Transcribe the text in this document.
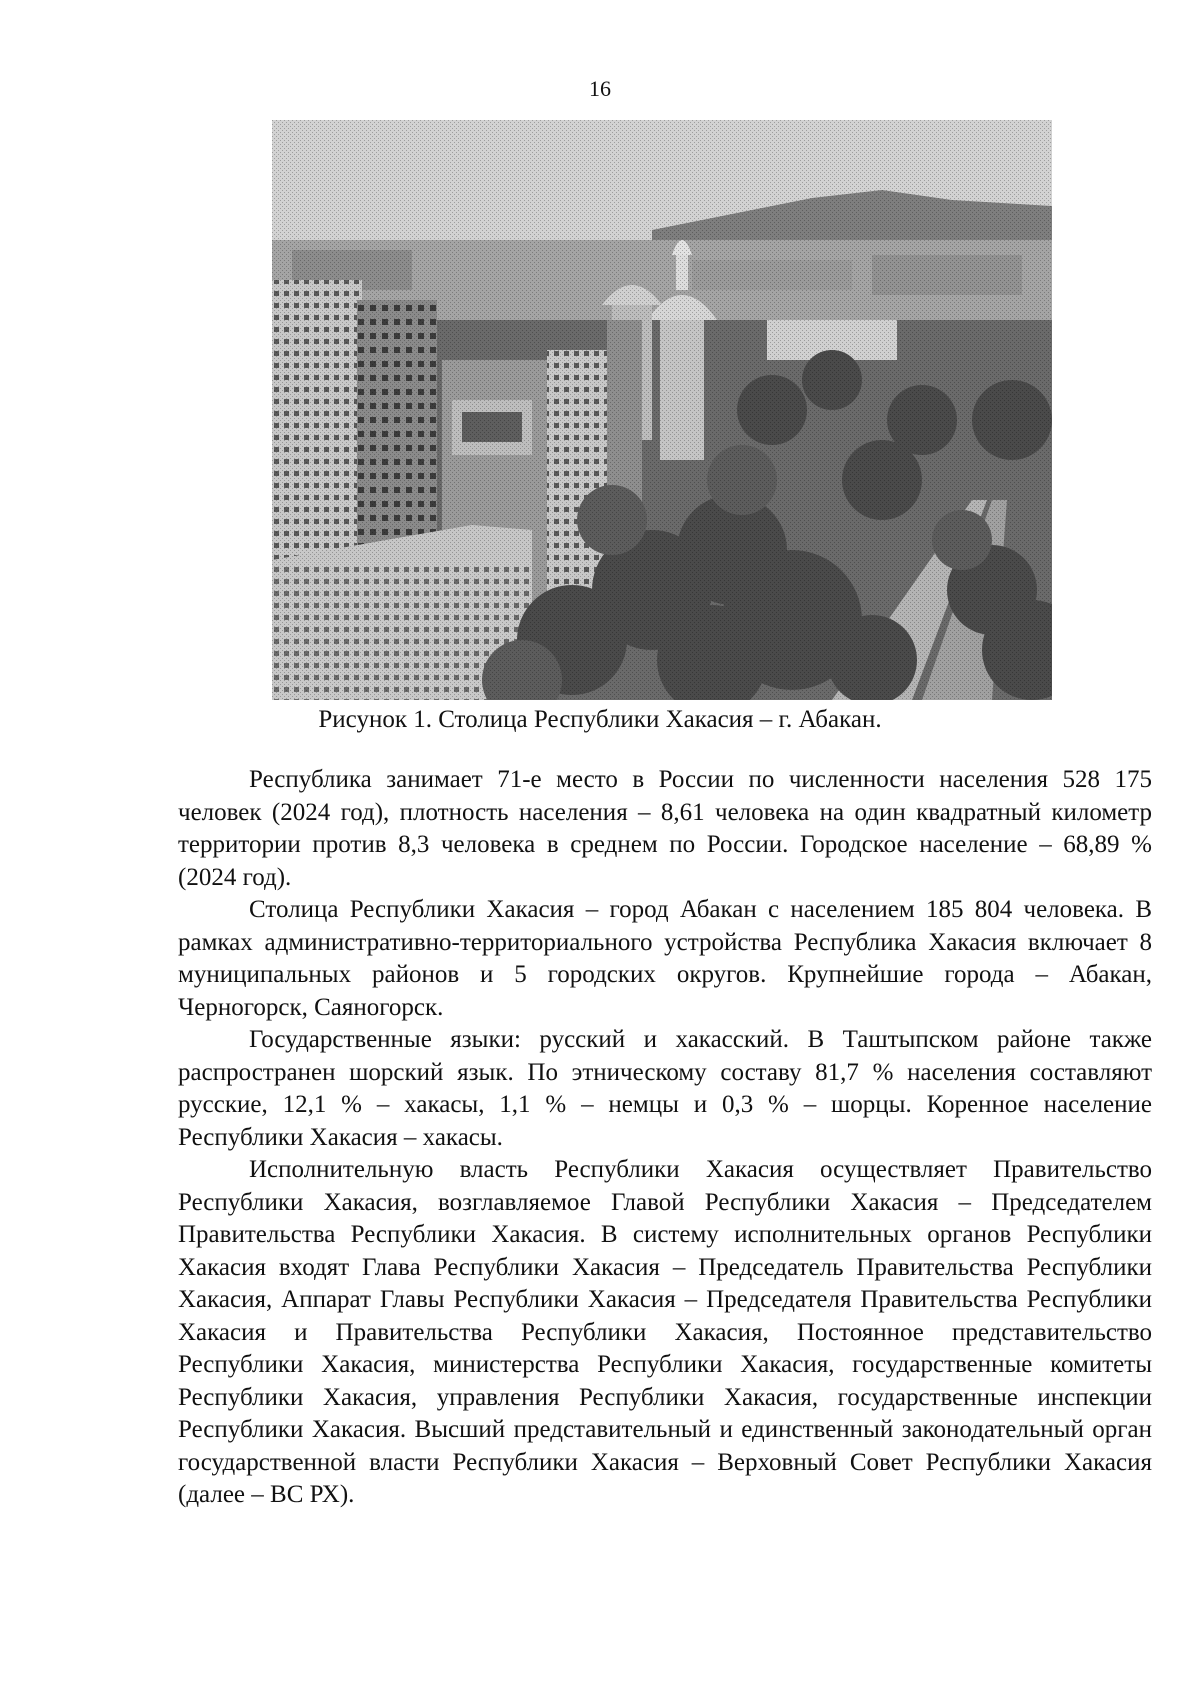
16
Рисунок 1. Столица Республики Хакасия – г. Абакан.

Республика занимает 71-е место в России по численности населения 528 175 человек (2024 год), плотность населения – 8,61 человека на один квадратный километр территории против 8,3 человека в среднем по России. Городское население – 68,89 % (2024 год).

Столица Республики Хакасия – город Абакан с населением 185 804 человека. В рамках административно-территориального устройства Республика Хакасия включает 8 муниципальных районов и 5 городских округов. Крупнейшие города – Абакан, Черногорск, Саяногорск.

Государственные языки: русский и хакасский. В Таштыпском районе также распространен шорский язык. По этническому составу 81,7 % населения составляют русские, 12,1 % – хакасы, 1,1 % – немцы и 0,3 % – шорцы. Коренное население Республики Хакасия – хакасы.

Исполнительную власть Республики Хакасия осуществляет Правительство Республики Хакасия, возглавляемое Главой Республики Хакасия – Председателем Правительства Республики Хакасия. В систему исполнительных органов Республики Хакасия входят Глава Республики Хакасия – Председатель Правительства Республики Хакасия, Аппарат Главы Республики Хакасия – Председателя Правительства Республики Хакасия и Правительства Республики Хакасия, Постоянное представительство Республики Хакасия, министерства Республики Хакасия, государственные комитеты Республики Хакасия, управления Республики Хакасия, государственные инспекции Республики Хакасия. Высший представительный и единственный законодательный орган государственной власти Республики Хакасия – Верховный Совет Республики Хакасия (далее – ВС РХ).
